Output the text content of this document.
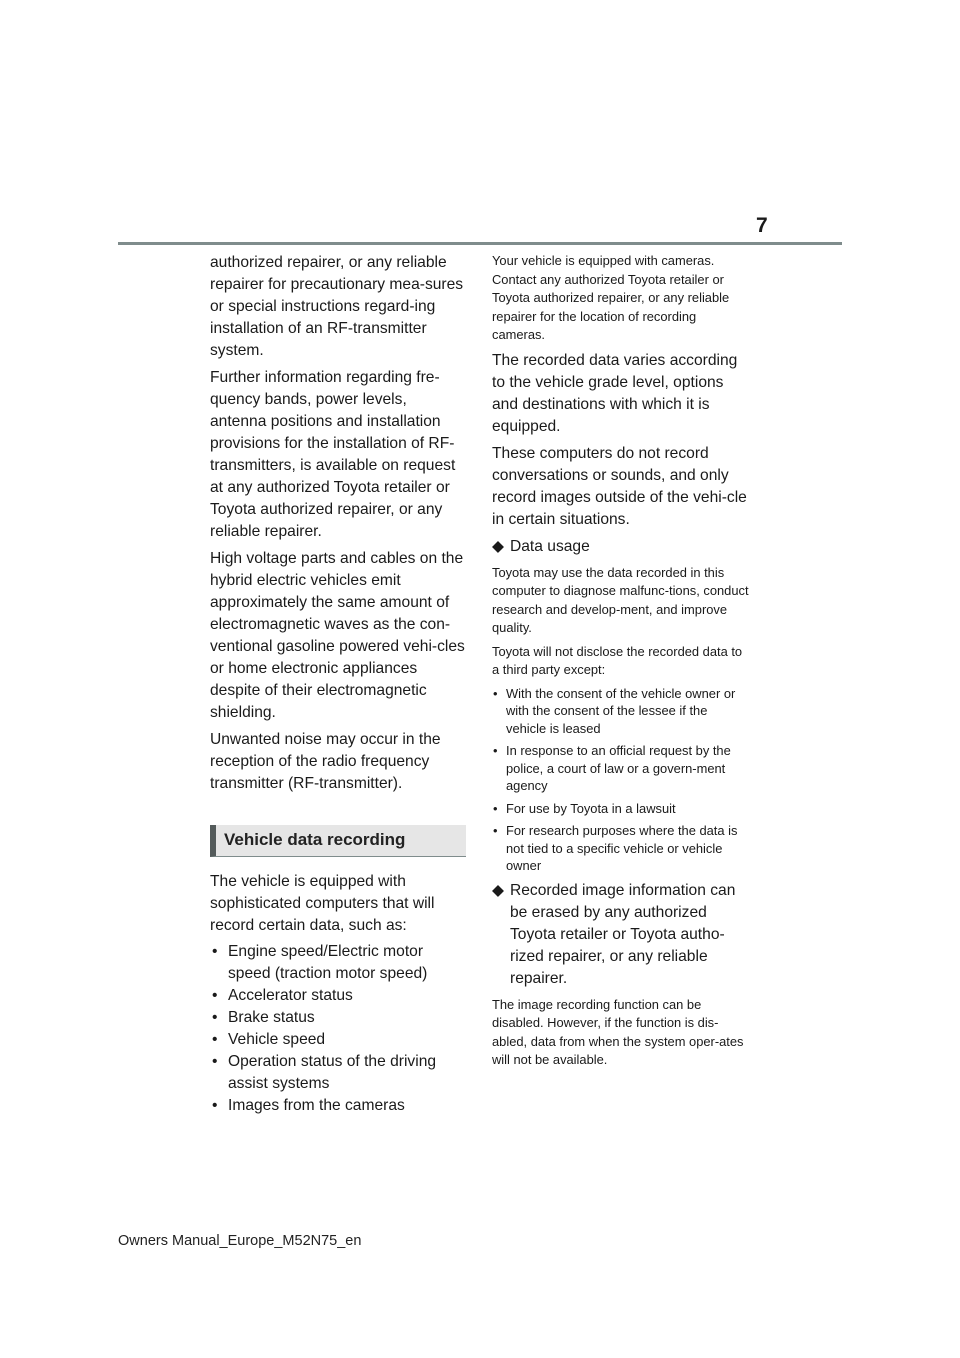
7

authorized repairer, or any reliable repairer for precautionary mea-sures or special instructions regard-ing installation of an RF-transmitter system.

Further information regarding fre-quency bands, power levels, antenna positions and installation provisions for the installation of RF-transmitters, is available on request at any authorized Toyota retailer or Toyota authorized repairer, or any reliable repairer.

High voltage parts and cables on the hybrid electric vehicles emit approximately the same amount of electromagnetic waves as the con-ventional gasoline powered vehi-cles or home electronic appliances despite of their electromagnetic shielding.

Unwanted noise may occur in the reception of the radio frequency transmitter (RF-transmitter).

Vehicle data recording

The vehicle is equipped with sophisticated computers that will record certain data, such as:

• Engine speed/Electric motor speed (traction motor speed)
• Accelerator status
• Brake status
• Vehicle speed
• Operation status of the driving assist systems
• Images from the cameras

Your vehicle is equipped with cameras. Contact any authorized Toyota retailer or Toyota authorized repairer, or any reliable repairer for the location of recording cameras.

The recorded data varies according to the vehicle grade level, options and destinations with which it is equipped.

These computers do not record conversations or sounds, and only record images outside of the vehi-cle in certain situations.

◆ Data usage

Toyota may use the data recorded in this computer to diagnose malfunc-tions, conduct research and develop-ment, and improve quality.

Toyota will not disclose the recorded data to a third party except:

• With the consent of the vehicle owner or with the consent of the lessee if the vehicle is leased
• In response to an official request by the police, a court of law or a govern-ment agency
• For use by Toyota in a lawsuit
• For research purposes where the data is not tied to a specific vehicle or vehicle owner
◆ Recorded image information can be erased by any authorized Toyota retailer or Toyota autho-rized repairer, or any reliable repairer.

The image recording function can be disabled. However, if the function is dis-abled, data from when the system oper-ates will not be available.

Owners Manual_Europe_M52N75_en
